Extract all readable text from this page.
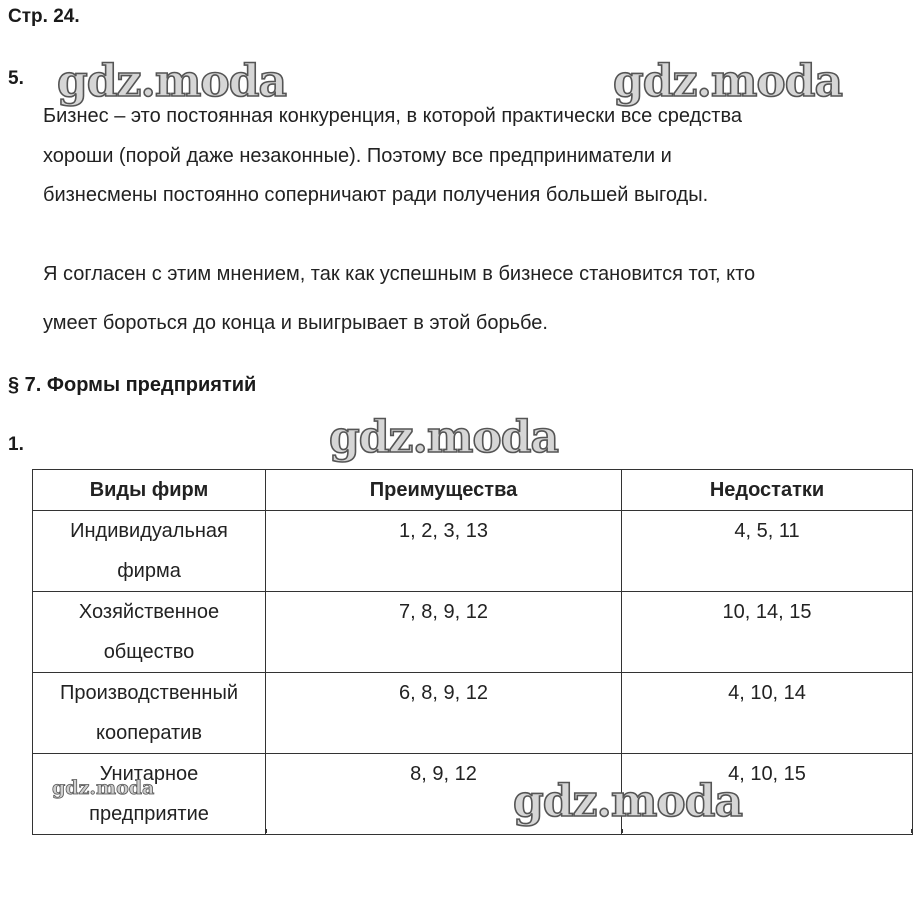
Стр. 24.
5.
Бизнес – это постоянная конкуренция, в которой практически все средства
хороши (порой даже незаконные). Поэтому все предприниматели и
бизнесмены постоянно соперничают ради получения большей выгоды.
Я согласен с этим мнением, так как успешным в бизнесе становится тот, кто
умеет бороться до конца и выигрывает в этой борьбе.
§ 7. Формы предприятий
1.
Виды фирм	Преимущества	Недостатки

Индивидуальная
фирма	1, 2, 3, 13	4, 5, 11

Хозяйственное
общество	7, 8, 9, 12	10, 14, 15

Производственный
кооператив	6, 8, 9, 12	4, 10, 14

Унитарное
предприятие	8, 9, 12	4, 10, 15
gdz.moda	gdz.moda
gdz.moda
gdz.moda
gdz.moda
